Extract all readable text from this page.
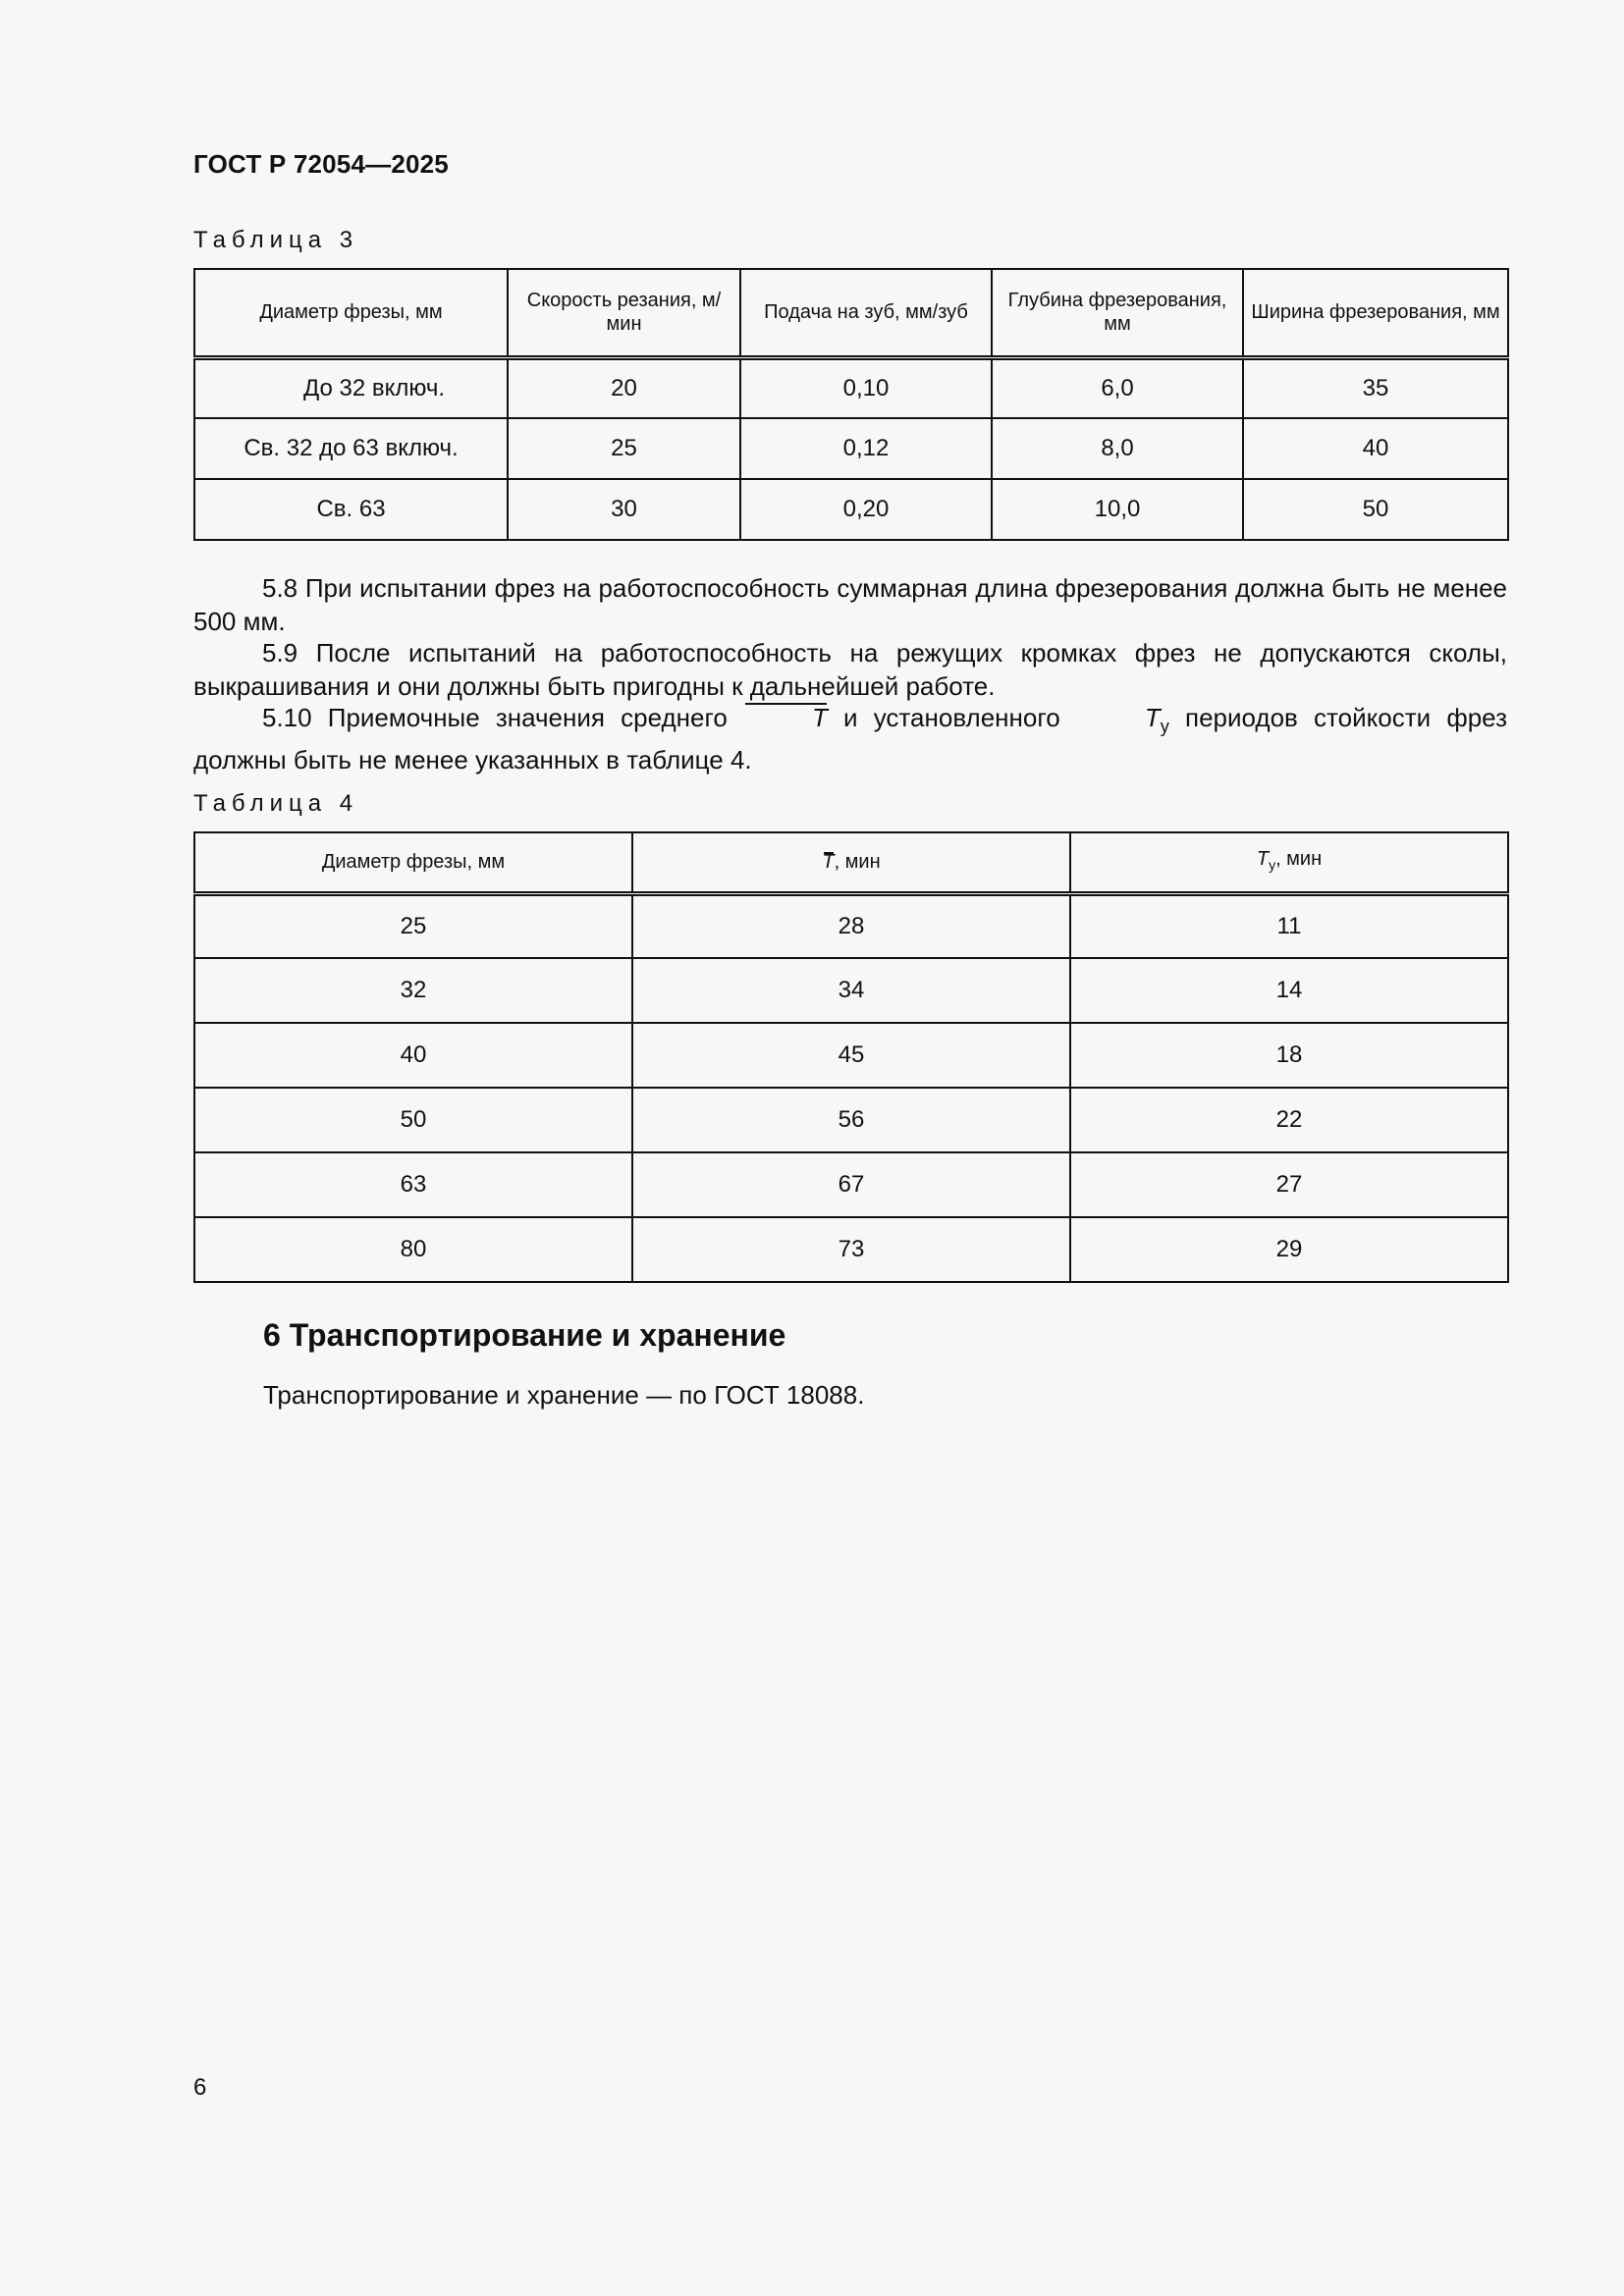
ГОСТ Р 72054—2025
Таблица 3
Диаметр фрезы, мм	Скорость резания, м/мин	Подача на зуб, мм/зуб	Глубина фрезерования, мм	Ширина фрезерования, мм
До 32 включ.	20	0,10	6,0	35
Св. 32 до 63 включ.	25	0,12	8,0	40
Св. 63	30	0,20	10,0	50
5.8 При испытании фрез на работоспособность суммарная длина фрезерования должна быть не менее 500 мм.
5.9 После испытаний на работоспособность на режущих кромках фрез не допускаются сколы, выкрашивания и они должны быть пригодны к дальнейшей работе.
5.10 Приемочные значения среднего	T и установленного	$T_у$ периодов стойкости фрез должны быть не менее указанных в таблице 4.
Таблица 4
Диаметр фрезы, мм	T, мин	$T_у$, мин
25	28	11
32	34	14
40	45	18
50	56	22
63	67	27
80	73	29
6 Транспортирование и хранение
Транспортирование и хранение — по ГОСТ 18088.
6
